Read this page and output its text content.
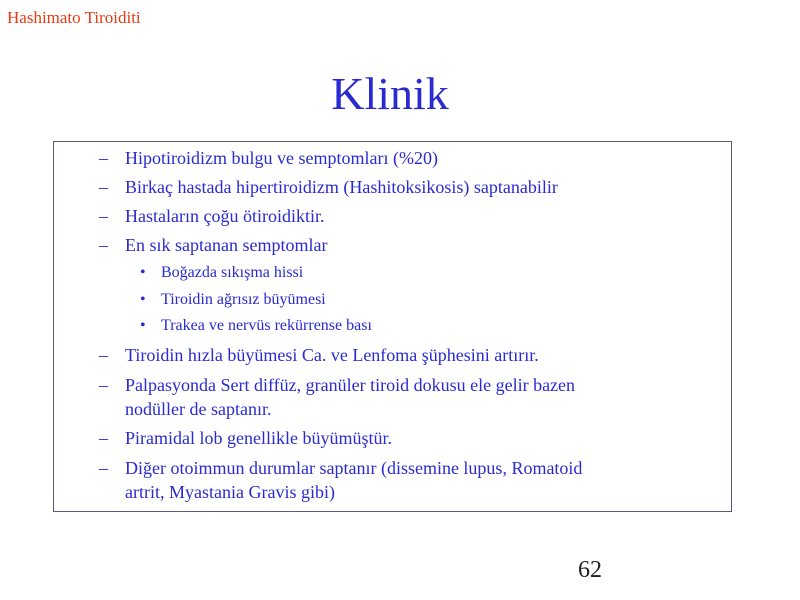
Hashimato Tiroiditi
Klinik
– Hipotiroidizm bulgu ve semptomları (%20)
– Birkaç hastada hipertiroidizm (Hashitoksikosis) saptanabilir
– Hastaların çoğu ötiroidiktir.
– En sık saptanan semptomlar
• Boğazda sıkışma hissi
• Tiroidin ağrısız büyümesi
• Trakea ve nervüs rekürrense bası
– Tiroidin hızla büyümesi Ca. ve Lenfoma şüphesini artırır.
– Palpasyonda Sert diffüz, granüler tiroid dokusu ele gelir bazen
nodüller de saptanır.
– Piramidal lob genellikle büyümüştür.
– Diğer otoimmun durumlar saptanır (dissemine lupus, Romatoid
artrit, Myastania Gravis gibi)
62
